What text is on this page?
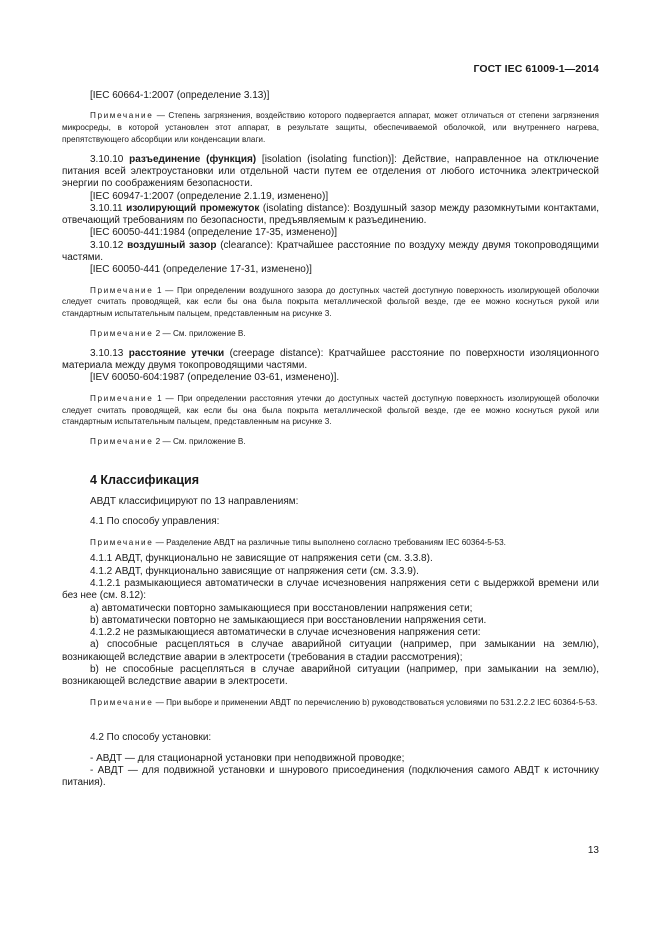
ГОСТ IEC 61009-1—2014

[IEC 60664-1:2007 (определение 3.13)]

Примечание — Степень загрязнения, воздействию которого подвергается аппарат, может отличаться от степени загрязнения микросреды, в которой установлен этот аппарат, в результате защиты, обеспечиваемой оболочкой, или внутреннего нагрева, препятствующего абсорбции или конденсации влаги.

3.10.10 разъединение (функция) [isolation (isolating function)]: Действие, направленное на отключение питания всей электроустановки или отдельной части путем ее отделения от любого источника электрической энергии по соображениям безопасности.

[IEC 60947-1:2007 (определение 2.1.19, изменено)]

3.10.11 изолирующий промежуток (isolating distance): Воздушный зазор между разомкнутыми контактами, отвечающий требованиям по безопасности, предъявляемым к разъединению.

[IEC 60050-441:1984 (определение 17-35, изменено)]

3.10.12 воздушный зазор (clearance): Кратчайшее расстояние по воздуху между двумя токопроводящими частями.

[IEC 60050-441 (определение 17-31, изменено)]

Примечание 1 — При определении воздушного зазора до доступных частей доступную поверхность изолирующей оболочки следует считать проводящей, как если бы она была покрыта металлической фольгой везде, где ее можно коснуться рукой или стандартным испытательным пальцем, представленным на рисунке 3.

Примечание 2 — См. приложение В.

3.10.13 расстояние утечки (creepage distance): Кратчайшее расстояние по поверхности изоляционного материала между двумя токопроводящими частями.

[IEV 60050-604:1987 (определение 03-61, изменено)].

Примечание 1 — При определении расстояния утечки до доступных частей доступную поверхность изолирующей оболочки следует считать проводящей, как если бы она была покрыта металлической фольгой везде, где ее можно коснуться рукой или стандартным испытательным пальцем, представленным на рисунке 3.

Примечание 2 — См. приложение В.

4 Классификация

АВДТ классифицируют по 13 направлениям:

4.1 По способу управления:

Примечание — Разделение АВДТ на различные типы выполнено согласно требованиям IEC 60364-5-53.

4.1.1 АВДТ, функционально не зависящие от напряжения сети (см. 3.3.8).

4.1.2 АВДТ, функционально зависящие от напряжения сети (см. 3.3.9).

4.1.2.1 размыкающиеся автоматически в случае исчезновения напряжения сети с выдержкой времени или без нее (см. 8.12):

а) автоматически повторно замыкающиеся при восстановлении напряжения сети;

b) автоматически повторно не замыкающиеся при восстановлении напряжения сети.

4.1.2.2 не размыкающиеся автоматически в случае исчезновения напряжения сети:

а) способные расцепляться в случае аварийной ситуации (например, при замыкании на землю), возникающей вследствие аварии в электросети (требования в стадии рассмотрения);

b) не способные расцепляться в случае аварийной ситуации (например, при замыкании на землю), возникающей вследствие аварии в электросети.

Примечание — При выборе и применении АВДТ по перечислению b) руководствоваться условиями по 531.2.2.2 IEC 60364-5-53.

4.2 По способу установки:

- АВДТ — для стационарной установки при неподвижной проводке;

- АВДТ — для подвижной установки и шнурового присоединения (подключения самого АВДТ к источнику питания).

13
